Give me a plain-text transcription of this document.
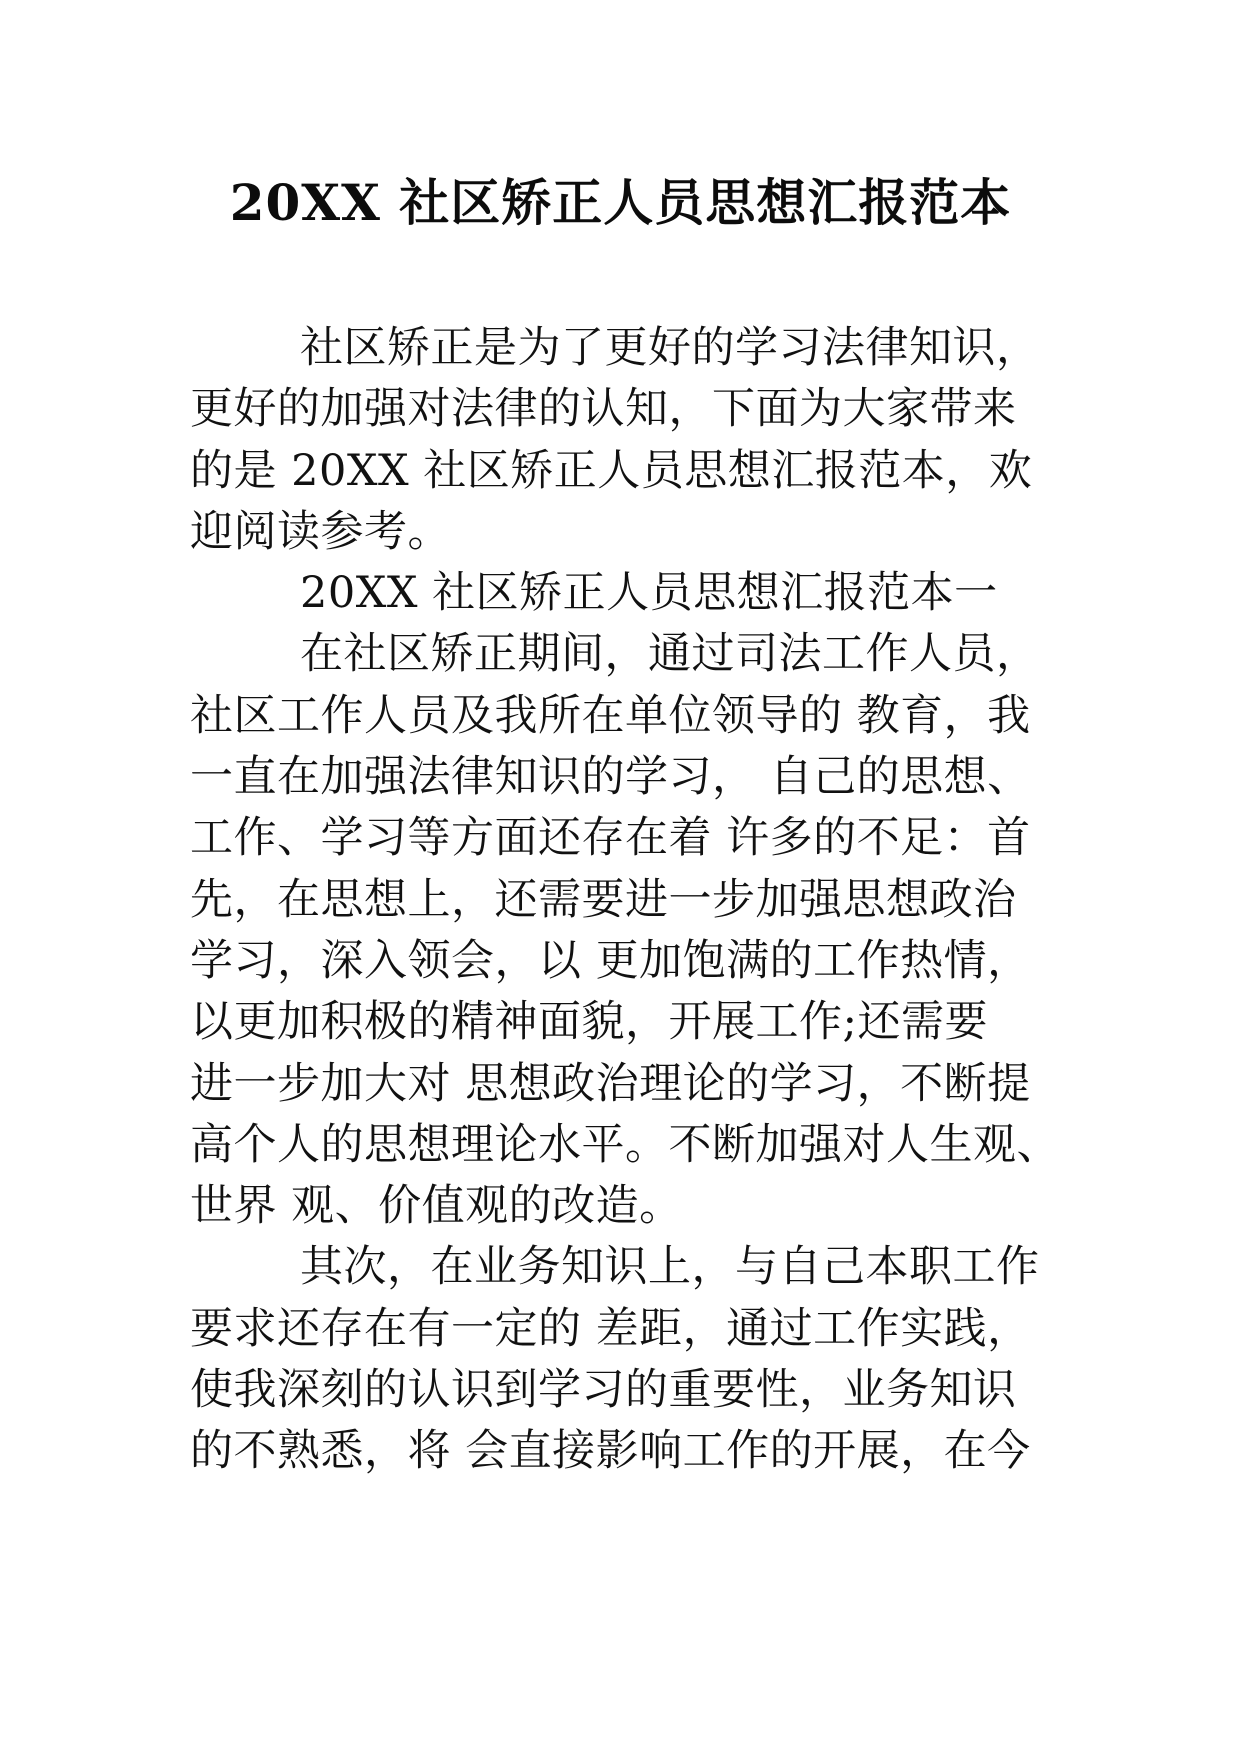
20XX 社区矫正人员思想汇报范本
社区矫正是为了更好的学习法律知识，
更好的加强对法律的认知，下面为大家带来
的是 20XX 社区矫正人员思想汇报范本，欢
迎阅读参考。
20XX 社区矫正人员思想汇报范本一
在社区矫正期间，通过司法工作人员，
社区工作人员及我所在单位领导的 教育，我
一直在加强法律知识的学习， 自己的思想、
工作、学习等方面还存在着 许多的不足：首
先，在思想上，还需要进一步加强思想政治
学习，深入领会，以 更加饱满的工作热情，
以更加积极的精神面貌，开展工作;还需要
进一步加大对 思想政治理论的学习，不断提
高个人的思想理论水平。不断加强对人生观、
世界 观、价值观的改造。
其次，在业务知识上，与自己本职工作
要求还存在有一定的 差距，通过工作实践，
使我深刻的认识到学习的重要性，业务知识
的不熟悉，将 会直接影响工作的开展，在今
